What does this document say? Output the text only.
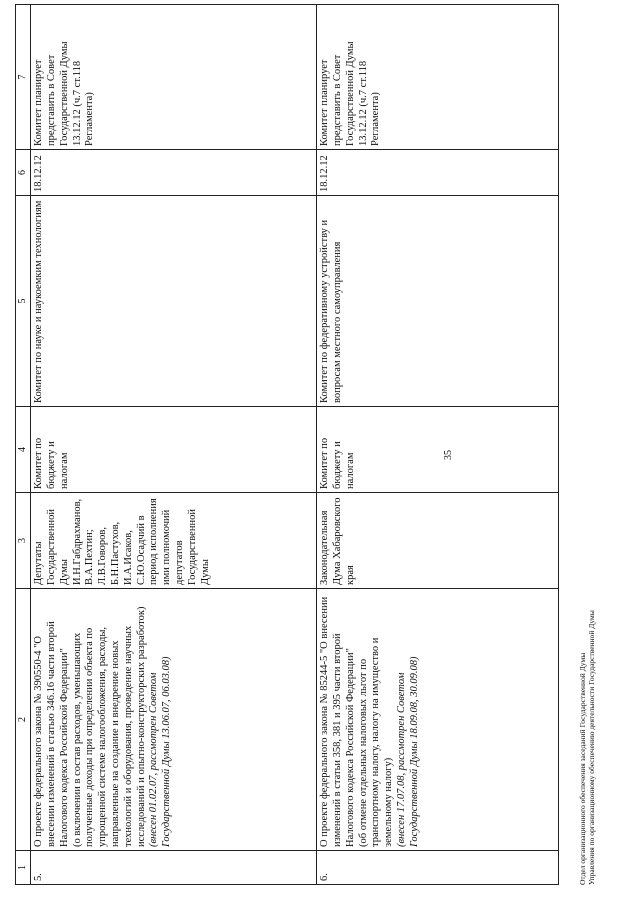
1	2	3	4	5	6	7
5.	О проекте федерального закона № 390550-4 "О внесении изменений в статью 346.16 части второй Налогового кодекса Российской Федерации" (о включении в состав расходов, уменьшающих полученные доходы при определении объекта по упрощенной системе налогообложения, расходы, направленные на создание и внедрение новых технологий и оборудования, проведение научных исследований и опытно-конструкторских разработок) (внесен 01.02.07, рассмотрен Советом Государственной Думы 13.06.07, 06.03.08)	Депутаты Государственной Думы И.Н.Габдрахманов, В.А.Пехтин; Л.В.Говоров, Б.Н.Пастухов, И.А.Исаков, С.Ю.Осадчий в период исполнения ими полномочий депутатов Государственной Думы	Комитет по бюджету и налогам	Комитет по науке и наукоемким технологиям	18.12.12	Комитет планирует представить в Совет Государственной Думы 13.12.12 (ч.7 ст.118 Регламента)
6.	О проекте федерального закона № 85244-5 "О внесении изменений в статьи 358, 381 и 395 части второй Налогового кодекса Российской Федерации" (об отмене отдельных налоговых льгот по транспортному налогу, налогу на имущество и земельному налогу) (внесен 17.07.08, рассмотрен Советом Государственной Думы 18.09.08, 30.09.08)	Законодательная Дума Хабаровского края	Комитет по бюджету и налогам	Комитет по федеративному устройству и вопросам местного самоуправления	18.12.12	Комитет планирует представить в Совет Государственной Думы 13.12.12 (ч.7 ст.118 Регламента)
35
Отдел организационного обеспечения заседаний Государственной Думы Управления по организационному обеспечению деятельности Государственной Думы
